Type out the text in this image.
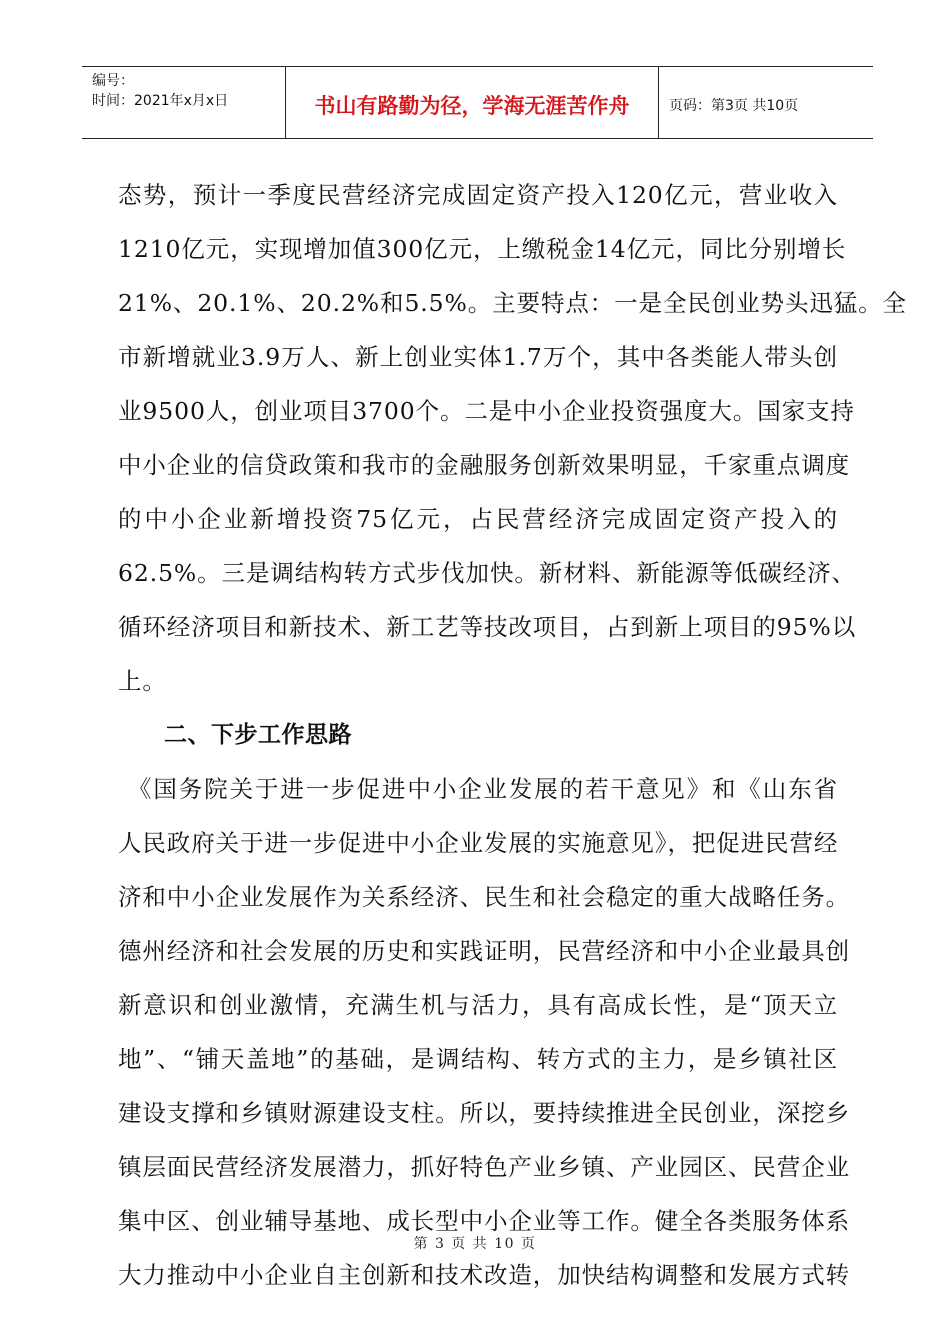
编号：
时间：2021年x月x日	书山有路勤为径，学海无涯苦作舟	页码：第3页 共10页
态势，预计一季度民营经济完成固定资产投入120亿元，营业收入
1210亿元，实现增加值300亿元，上缴税金14亿元，同比分别增长
21%、20.1%、20.2%和5.5%。主要特点：一是全民创业势头迅猛。全
市新增就业3.9万人、新上创业实体1.7万个，其中各类能人带头创
业9500人，创业项目3700个。二是中小企业投资强度大。国家支持
中小企业的信贷政策和我市的金融服务创新效果明显，千家重点调度
的中小企业新增投资75亿元，占民营经济完成固定资产投入的
62.5%。三是调结构转方式步伐加快。新材料、新能源等低碳经济、
循环经济项目和新技术、新工艺等技改项目，占到新上项目的95%以
上。
二、下步工作思路
《国务院关于进一步促进中小企业发展的若干意见》和《山东省
人民政府关于进一步促进中小企业发展的实施意见》，把促进民营经
济和中小企业发展作为关系经济、民生和社会稳定的重大战略任务。
德州经济和社会发展的历史和实践证明，民营经济和中小企业最具创
新意识和创业激情，充满生机与活力，具有高成长性，是“顶天立
地”、“铺天盖地”的基础，是调结构、转方式的主力，是乡镇社区
建设支撑和乡镇财源建设支柱。所以，要持续推进全民创业，深挖乡
镇层面民营经济发展潜力，抓好特色产业乡镇、产业园区、民营企业
集中区、创业辅导基地、成长型中小企业等工作。健全各类服务体系
大力推动中小企业自主创新和技术改造，加快结构调整和发展方式转
第 3 页 共 10 页
